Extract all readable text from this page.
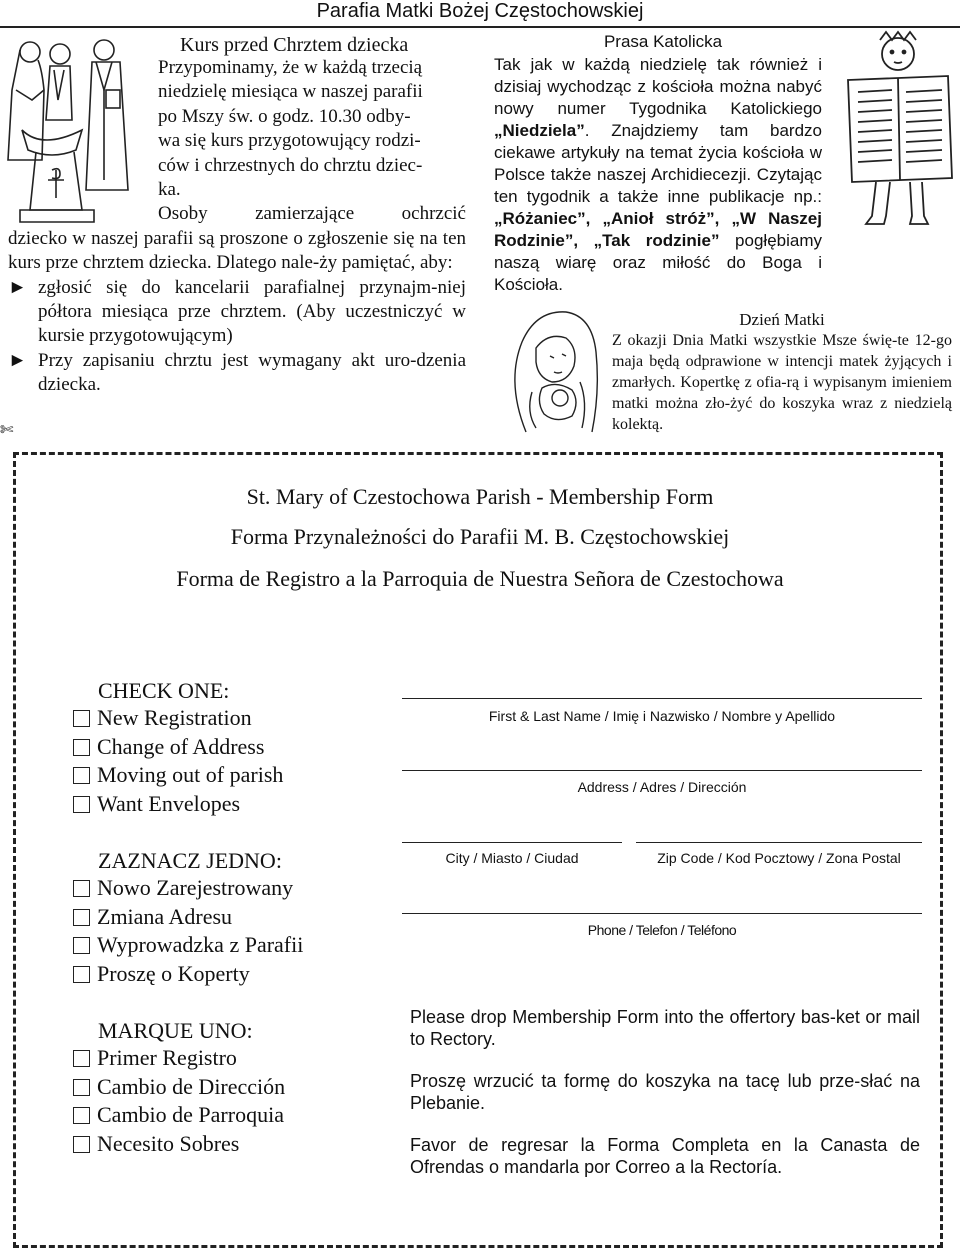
Parafia Matki Bożej Częstochowskiej
Kurs przed Chrztem dziecka
Przypominamy, że w każdą trzecią
niedzielę miesiąca w naszej parafii
po Mszy św. o godz. 10.30 odby-
wa się kurs przygotowujący rodzi-
ców i chrzestnych do chrztu dziec-
ka.
Osoby zamierzające ochrzcić

dziecko w naszej parafii są proszone o zgłoszenie się na ten kurs prze chrztem dziecka. Dlatego nale-żу pamiętać, aby:

► zgłosić się do kancelarii parafialnej przynajm-niej półtora miesiąca prze chrztem. (Aby uczestniczyć w kursie przygotowującym)
► Przy zapisaniu chrztu jest wymagany akt uro-dzenia dziecka.
Prasa Katolicka
Tak jak w każdą niedzielę tak również i dzisiaj wychodząc z kościoła można nabyć nowy numer Tygodnika Katolickiego „Niedziela”. Znajdziemy tam bardzo ciekawe artykuły na temat życia kościoła w Polsce także naszej Archidiecezji. Czytając ten tygodnik a także inne publikacje np.: „Różaniec”, „Anioł stróż”, „W Naszej Rodzinie”, „Tak rodzinie” pogłębiamy naszą wiarę oraz miłość do Boga i Kościoła.
Dzień Matki
Z okazji Dnia Matki wszystkie Msze świę-te 12-go maja będą odprawione w intencji matek żyjących i zmarłych. Kopertkę z ofia-rą i wypisanym imieniem matki można zło-żyć do koszyka wraz z niedzielą kolektą.
✄
St. Mary of Czestochowa Parish - Membership Form
Forma Przynależności do Parafii M. B. Częstochowskiej
Forma de Registro a la Parroquia de Nuestra Señora de Czestochowa
CHECK ONE:
New Registration
Change of Address
Moving out of parish
Want Envelopes
ZAZNACZ JEDNO:
Nowo Zarejestrowany
Zmiana Adresu
Wyprowadzka z Parafii
Proszę o Koperty
MARQUE UNO:
Primer Registro
Cambio de Dirección
Cambio de Parroquia
Necesito Sobres
First & Last Name / Imię i Nazwisko / Nombre y Apellido
Address / Adres / Dirección
City / Miasto / Ciudad	Zip Code / Kod Pocztowy / Zona Postal
Phone / Telefon / Teléfono
Please drop Membership Form into the offertory bas-ket or mail to Rectory.
Proszę wrzucić ta formę do koszyka na tacę lub prze-słać na Plebanie.
Favor de regresar la Forma Completa en la Canasta de Ofrendas o mandarla por Correo a la Rectoría.
